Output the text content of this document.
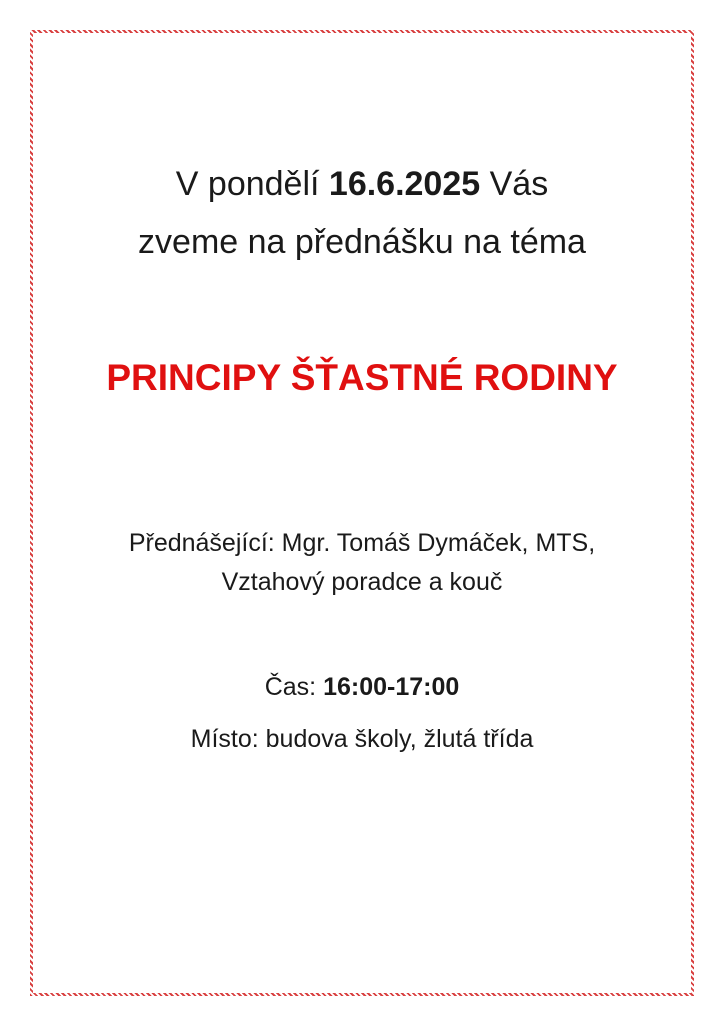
V pondělí 16.6.2025 Vás
zveme na přednášku na téma
PRINCIPY ŠŤASTNÉ RODINY
Přednášející: Mgr. Tomáš Dymáček, MTS,
Vztahový poradce a kouč
Čas: 16:00-17:00
Místo: budova školy, žlutá třída
